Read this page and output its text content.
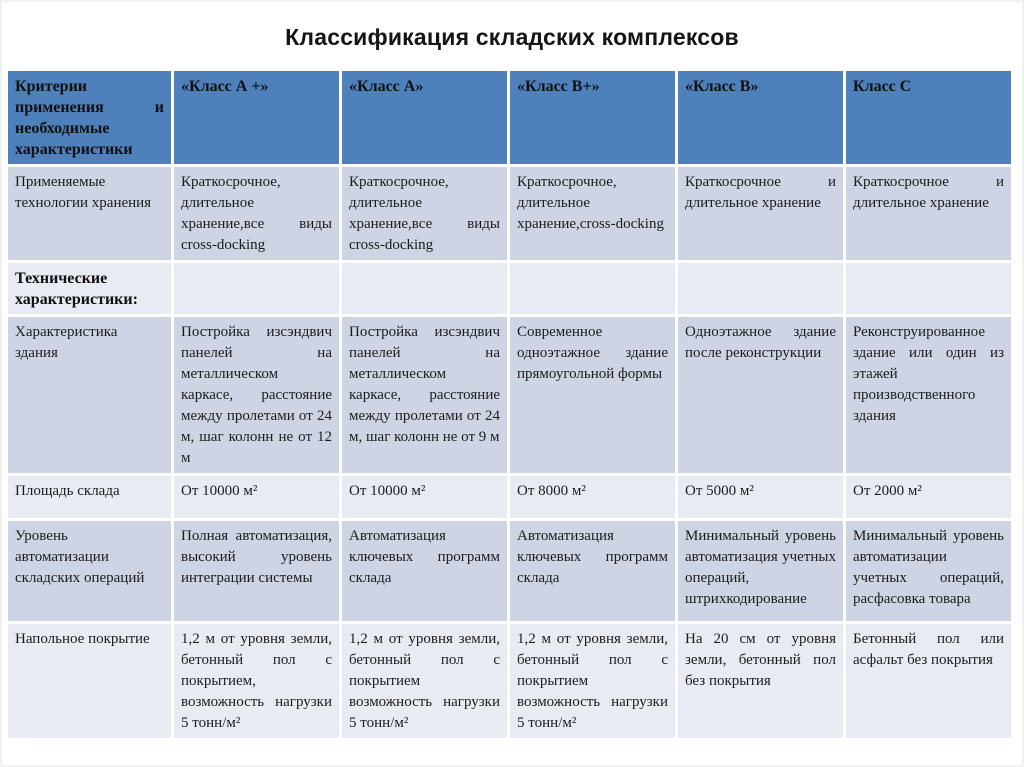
Классификация складских комплексов
Критерии применения и необходимые характеристики	«Класс А +»	«Класс А»	«Класс В+»	«Класс В»	Класс С
Применяемые технологии хранения	Краткосрочное, длительное хранение,все виды cross-docking	Краткосрочное, длительное хранение,все виды cross-docking	Краткосрочное, длительное хранение,cross-docking	Краткосрочное и длительное хранение	Краткосрочное и длительное хранение
Технические характеристики:					
Характеристика здания	Постройка изсэндвич панелей на металлическом каркасе, расстояние между пролетами от 24 м, шаг колонн не от 12 м	Постройка изсэндвич панелей на металлическом каркасе, расстояние между пролетами от 24 м, шаг колонн не от 9 м	Современное одноэтажное здание прямоугольной формы	Одноэтажное здание после реконструкции	Реконструированное здание или один из этажей производственного здания
Площадь склада	От 10000 м²	От 10000 м²	От 8000 м²	От 5000 м²	От 2000 м²
Уровень автоматизации складских операций	Полная автоматизация, высокий уровень интеграции системы	Автоматизация ключевых программ склада	Автоматизация ключевых программ склада	Минимальный уровень автоматизация учетных операций, штрихкодирование	Минимальный уровень автоматизации учетных операций, расфасовка товара
Напольное покрытие	1,2 м от уровня земли, бетонный пол с покрытием, возможность нагрузки 5 тонн/м²	1,2 м от уровня земли, бетонный пол с покрытием возможность нагрузки 5 тонн/м²	1,2 м от уровня земли, бетонный пол с покрытием возможность нагрузки 5 тонн/м²	На 20 см от уровня земли, бетонный пол без покрытия	Бетонный пол или асфальт без покрытия
